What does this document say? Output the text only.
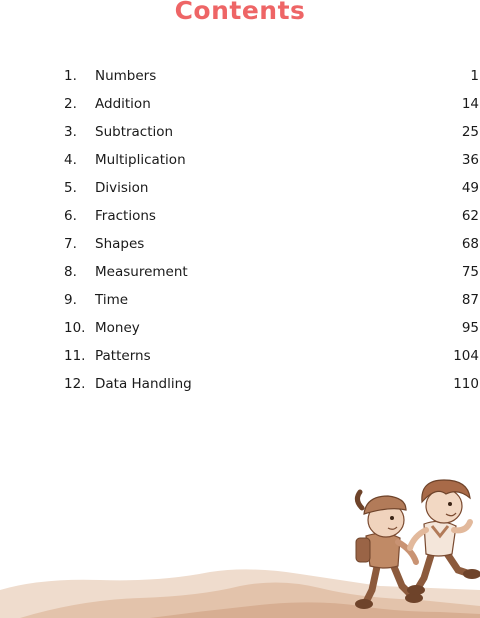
Contents
1. Numbers	1
2. Addition	14
3. Subtraction	25
4. Multiplication	36
5. Division	49
6. Fractions	62
7. Shapes	68
8. Measurement	75
9. Time	87
10. Money	95
11. Patterns	104
12. Data Handling	110
